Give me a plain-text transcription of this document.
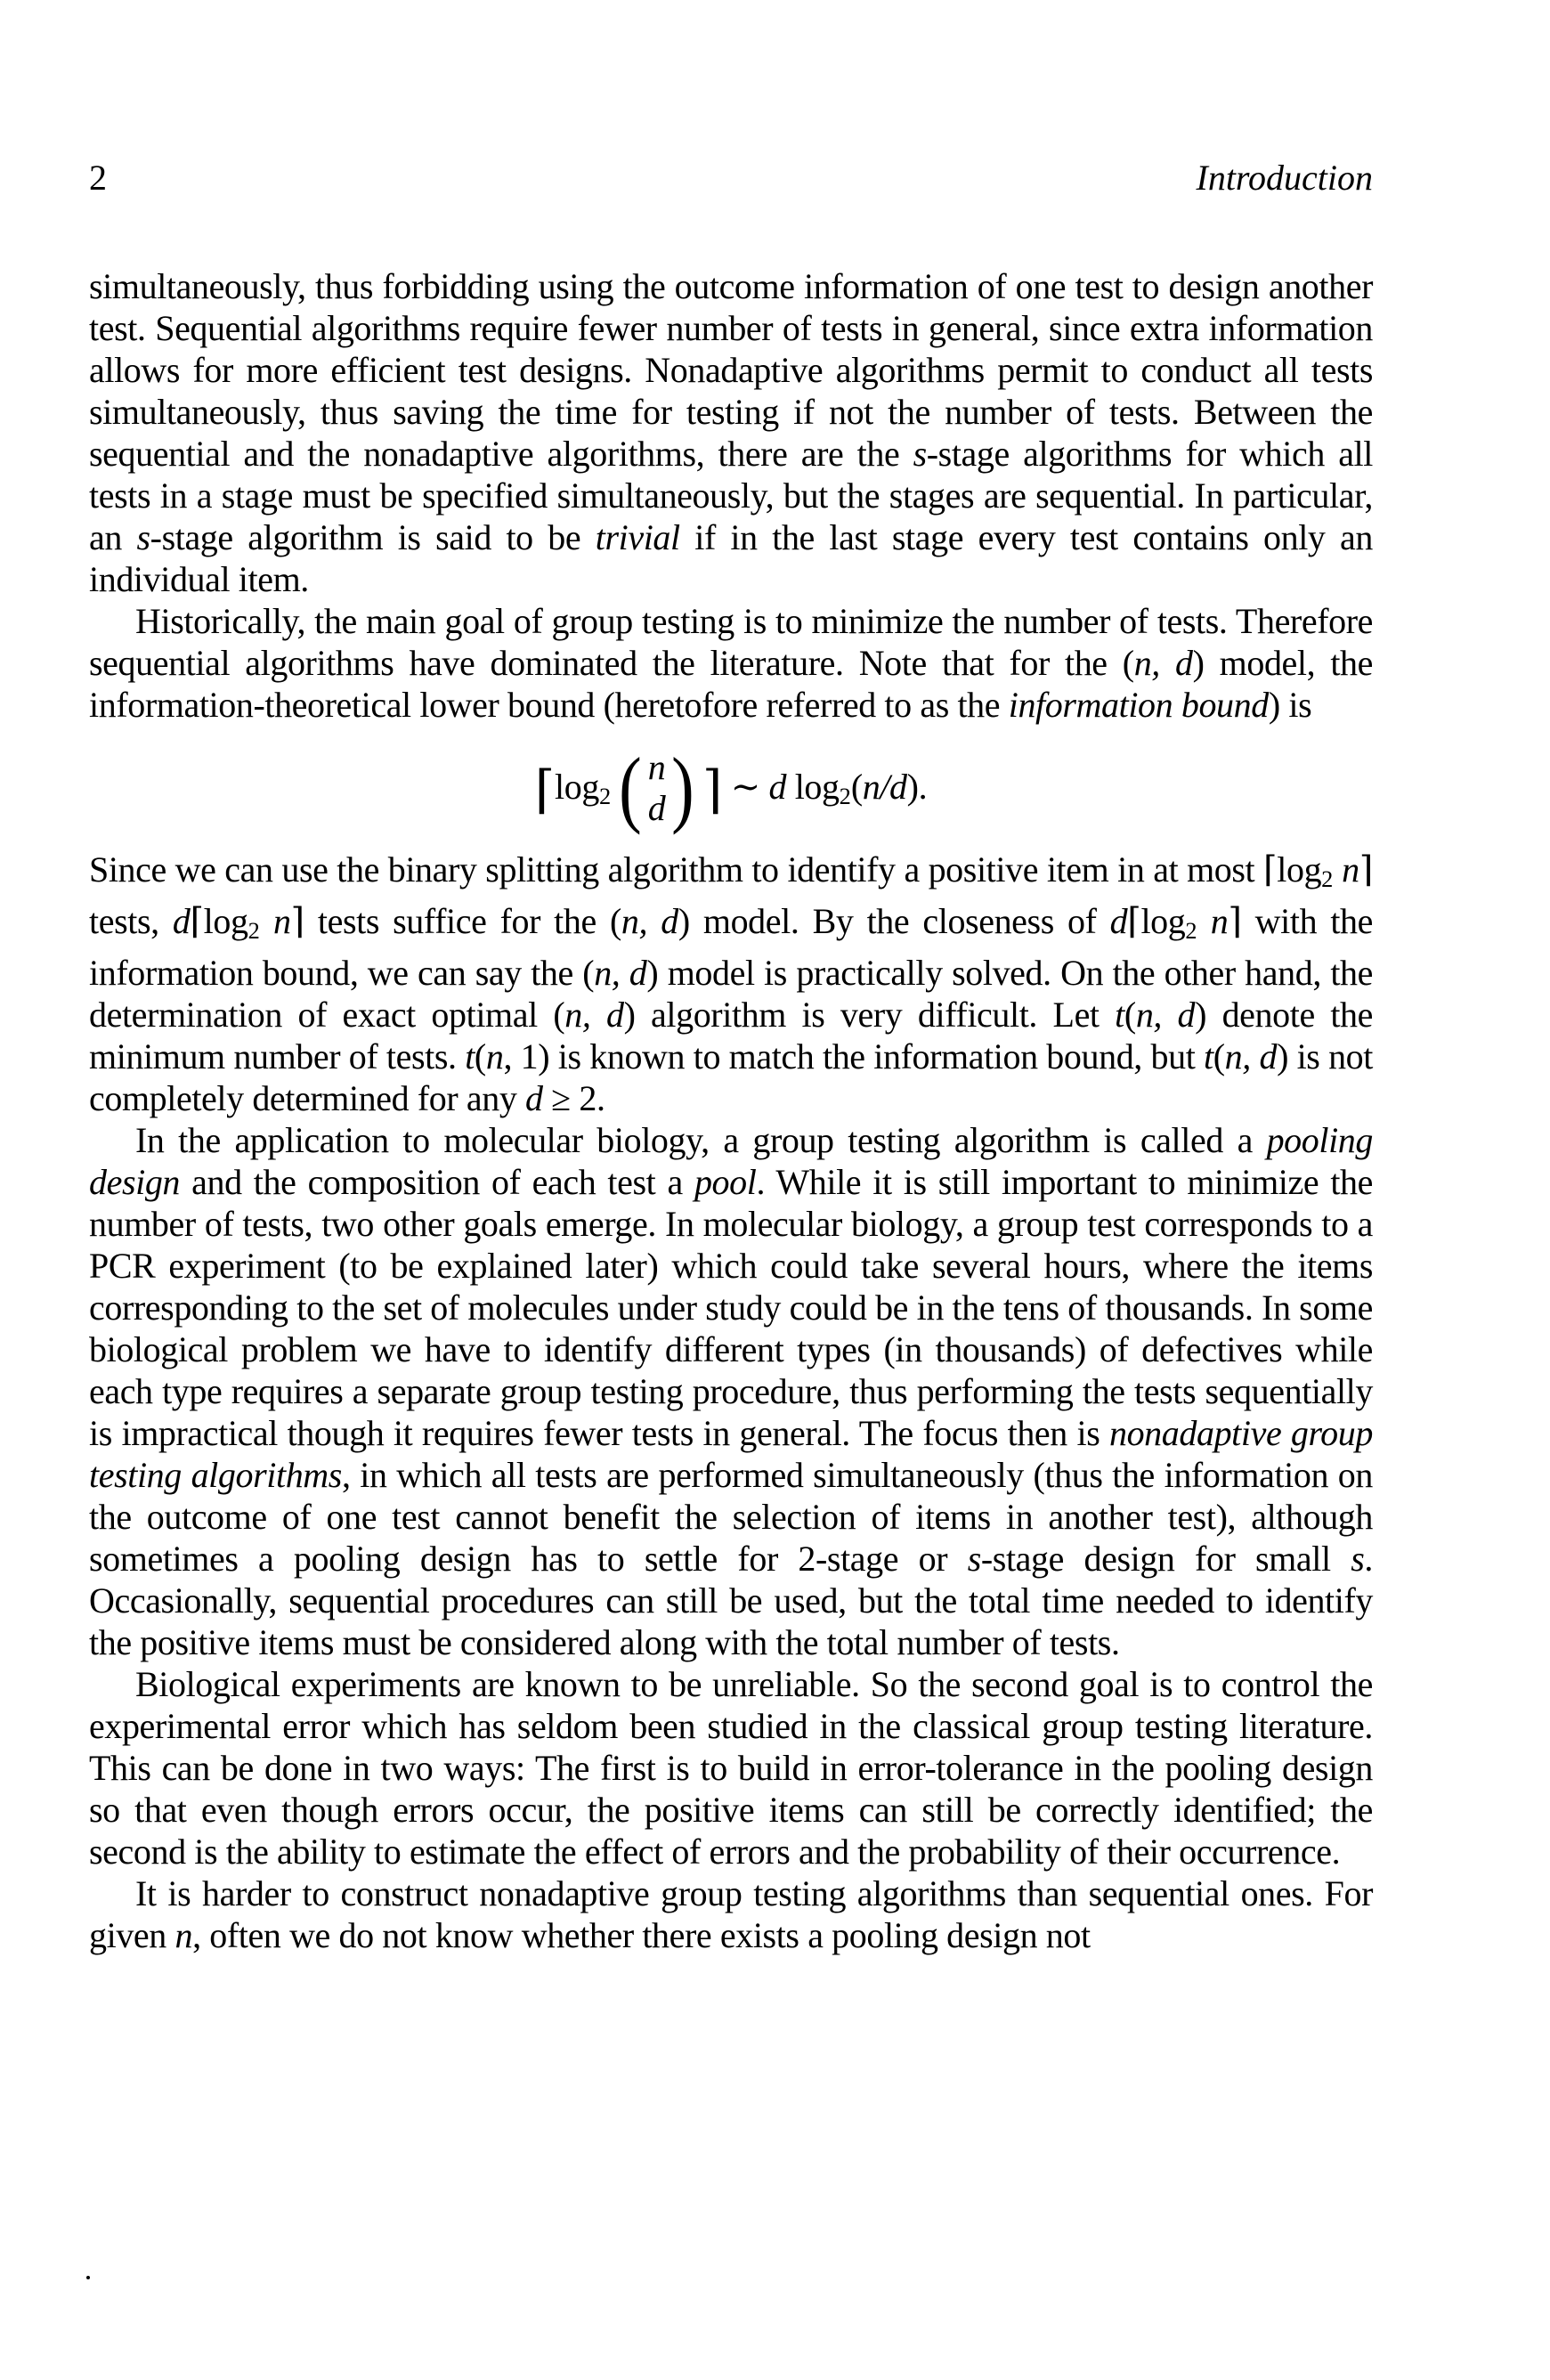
2	Introduction

simultaneously, thus forbidding using the outcome information of one test to design another test. Sequential algorithms require fewer number of tests in general, since extra information allows for more efficient test designs. Nonadaptive algorithms permit to conduct all tests simultaneously, thus saving the time for testing if not the number of tests. Between the sequential and the nonadaptive algorithms, there are the s-stage algorithms for which all tests in a stage must be specified simultaneously, but the stages are sequential. In particular, an s-stage algorithm is said to be trivial if in the last stage every test contains only an individual item.

Historically, the main goal of group testing is to minimize the number of tests. Therefore sequential algorithms have dominated the literature. Note that for the (n, d) model, the information-theoretical lower bound (heretofore referred to as the information bound) is

⌈log2 ( n
d ) ⌉ ∼ d log2(n/d).

Since we can use the binary splitting algorithm to identify a positive item in at most ⌈log2 n⌉ tests, d⌈log2 n⌉ tests suffice for the (n, d) model. By the closeness of d⌈log2 n⌉ with the information bound, we can say the (n, d) model is practically solved. On the other hand, the determination of exact optimal (n, d) algorithm is very difficult. Let t(n, d) denote the minimum number of tests. t(n, 1) is known to match the information bound, but t(n, d) is not completely determined for any d ≥ 2.

In the application to molecular biology, a group testing algorithm is called a pooling design and the composition of each test a pool. While it is still important to minimize the number of tests, two other goals emerge. In molecular biology, a group test corresponds to a PCR experiment (to be explained later) which could take several hours, where the items corresponding to the set of molecules under study could be in the tens of thousands. In some biological problem we have to identify different types (in thousands) of defectives while each type requires a separate group testing procedure, thus performing the tests sequentially is impractical though it requires fewer tests in general. The focus then is nonadaptive group testing algorithms, in which all tests are performed simultaneously (thus the information on the outcome of one test cannot benefit the selection of items in another test), although sometimes a pooling design has to settle for 2-stage or s-stage design for small s. Occasionally, sequential procedures can still be used, but the total time needed to identify the positive items must be considered along with the total number of tests.

Biological experiments are known to be unreliable. So the second goal is to control the experimental error which has seldom been studied in the classical group testing literature. This can be done in two ways: The first is to build in error-tolerance in the pooling design so that even though errors occur, the positive items can still be correctly identified; the second is the ability to estimate the effect of errors and the probability of their occurrence.

It is harder to construct nonadaptive group testing algorithms than sequential ones. For given n, often we do not know whether there exists a pooling design not
